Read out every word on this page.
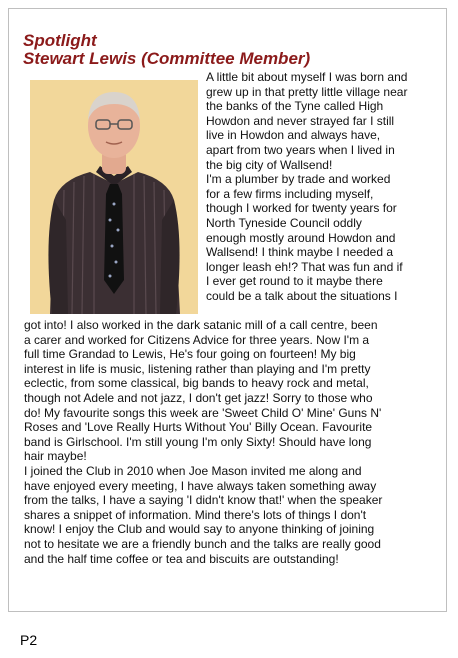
Spotlight
Stewart Lewis (Committee Member)
A little bit about myself I was born and
grew up in that pretty little village near
the banks of the Tyne called High
Howdon and never strayed far I still
live in Howdon and always have,
apart from two years when I lived in
the big city of Wallsend!
I'm a plumber by trade and worked
for a few firms including myself,
though I worked for twenty years for
North Tyneside Council oddly
enough mostly around Howdon and
Wallsend! I think maybe I needed a
longer leash eh!? That was fun and if
I ever get round to it maybe there
could be a talk about the situations I
got into! I also worked in the dark satanic mill of a call centre, been
a carer and worked for Citizens Advice for three years. Now I'm a
full time Grandad to Lewis, He's four going on fourteen! My big
interest in life is music, listening rather than playing and I'm pretty
eclectic, from some classical, big bands to heavy rock and metal,
though not Adele and not jazz, I don't get jazz! Sorry to those who
do! My favourite songs this week are 'Sweet Child O' Mine' Guns N'
Roses and 'Love Really Hurts Without You' Billy Ocean. Favourite
band is Girlschool. I'm still young I'm only Sixty! Should have long
hair maybe!
I joined the Club in 2010 when Joe Mason invited me along and
have enjoyed every meeting, I have always taken something away
from the talks, I have a saying 'I didn't know that!' when the speaker
shares a snippet of information. Mind there's lots of things I don't
know! I enjoy the Club and would say to anyone thinking of joining
not to hesitate we are a friendly bunch and the talks are really good
and the half time coffee or tea and biscuits are outstanding!
P2
